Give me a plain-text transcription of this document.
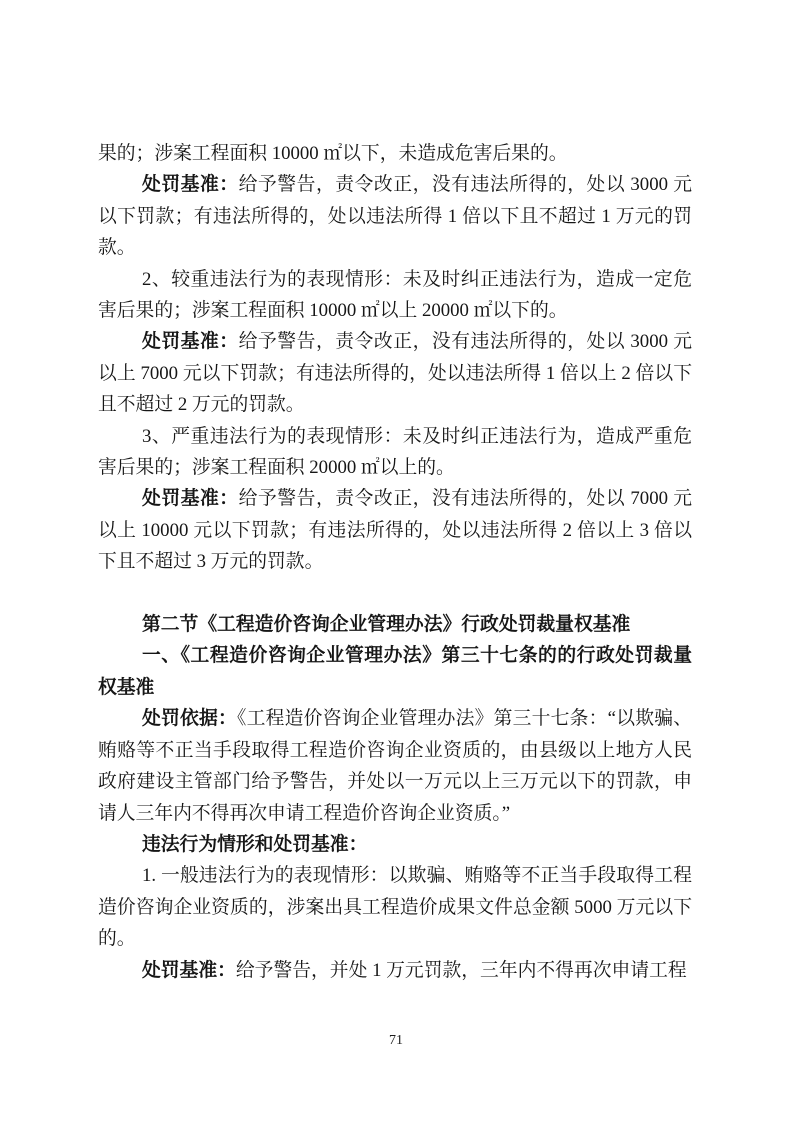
果的；涉案工程面积 10000 ㎡以下，未造成危害后果的。

处罚基准：给予警告，责令改正，没有违法所得的，处以 3000 元以下罚款；有违法所得的，处以违法所得 1 倍以下且不超过 1 万元的罚款。

2、较重违法行为的表现情形：未及时纠正违法行为，造成一定危害后果的；涉案工程面积 10000 ㎡以上 20000 ㎡以下的。

处罚基准：给予警告，责令改正，没有违法所得的，处以 3000 元以上 7000 元以下罚款；有违法所得的，处以违法所得 1 倍以上 2 倍以下且不超过 2 万元的罚款。

3、严重违法行为的表现情形：未及时纠正违法行为，造成严重危害后果的；涉案工程面积 20000 ㎡以上的。

处罚基准：给予警告，责令改正，没有违法所得的，处以 7000 元以上 10000 元以下罚款；有违法所得的，处以违法所得 2 倍以上 3 倍以下且不超过 3 万元的罚款。

第二节《工程造价咨询企业管理办法》行政处罚裁量权基准

一、《工程造价咨询企业管理办法》第三十七条的的行政处罚裁量权基准

处罚依据：《工程造价咨询企业管理办法》第三十七条：“以欺骗、贿赂等不正当手段取得工程造价咨询企业资质的，由县级以上地方人民政府建设主管部门给予警告，并处以一万元以上三万元以下的罚款，申请人三年内不得再次申请工程造价咨询企业资质。”

违法行为情形和处罚基准：

1. 一般违法行为的表现情形：以欺骗、贿赂等不正当手段取得工程造价咨询企业资质的，涉案出具工程造价成果文件总金额 5000 万元以下的。

处罚基准：给予警告，并处 1 万元罚款，三年内不得再次申请工程

71
